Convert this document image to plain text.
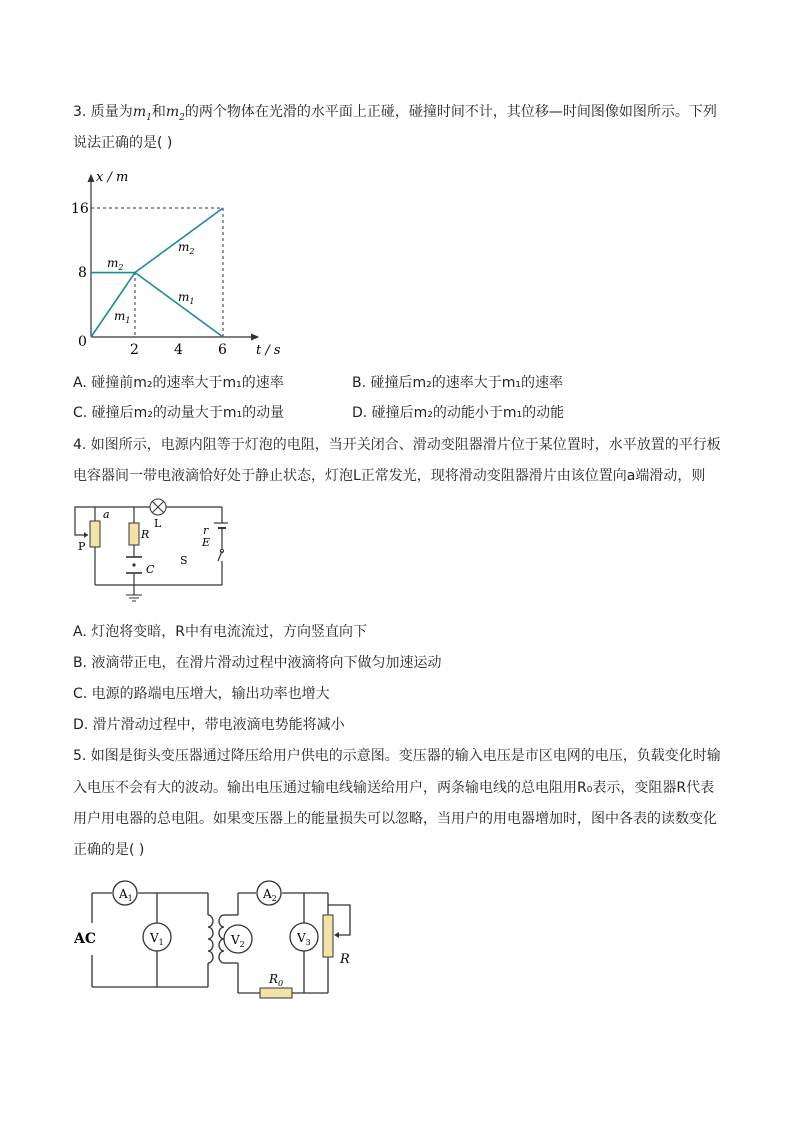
3. 质量为$m_1$和$m_2$的两个物体在光滑的水平面上正碰，碰撞时间不计，其位移—时间图像如图所示。下列
说法正确的是( )
x / m
t / s
0
8
16
2	4	6
$m_2$
$m_1$
$m_2$
$m_1$
A. 碰撞前m₂的速率大于m₁的速率	B. 碰撞后m₂的速率大于m₁的速率
C. 碰撞后m₂的动量大于m₁的动量	D. 碰撞后m₂的动能小于m₁的动能
4. 如图所示，电源内阻等于灯泡的电阻，当开关闭合、滑动变阻器滑片位于某位置时，水平放置的平行板
电容器间一带电液滴恰好处于静止状态，灯泡L正常发光，现将滑动变阻器滑片由该位置向a端滑动，则
a
R
L
r
E
P
S
C
A. 灯泡将变暗，R中有电流流过，方向竖直向下
B. 液滴带正电，在滑片滑动过程中液滴将向下做匀加速运动
C. 电源的路端电压增大，输出功率也增大
D. 滑片滑动过程中，带电液滴电势能将减小
5. 如图是街头变压器通过降压给用户供电的示意图。变压器的输入电压是市区电网的电压，负载变化时输
入电压不会有大的波动。输出电压通过输电线输送给用户，两条输电线的总电阻用R₀表示，变阻器R代表
用户用电器的总电阻。如果变压器上的能量损失可以忽略，当用户的用电器增加时，图中各表的读数变化
正确的是( )
AC
$A_1$	$A_2$
$V_1$	$V_2$	$V_3$
$R_0$
R
